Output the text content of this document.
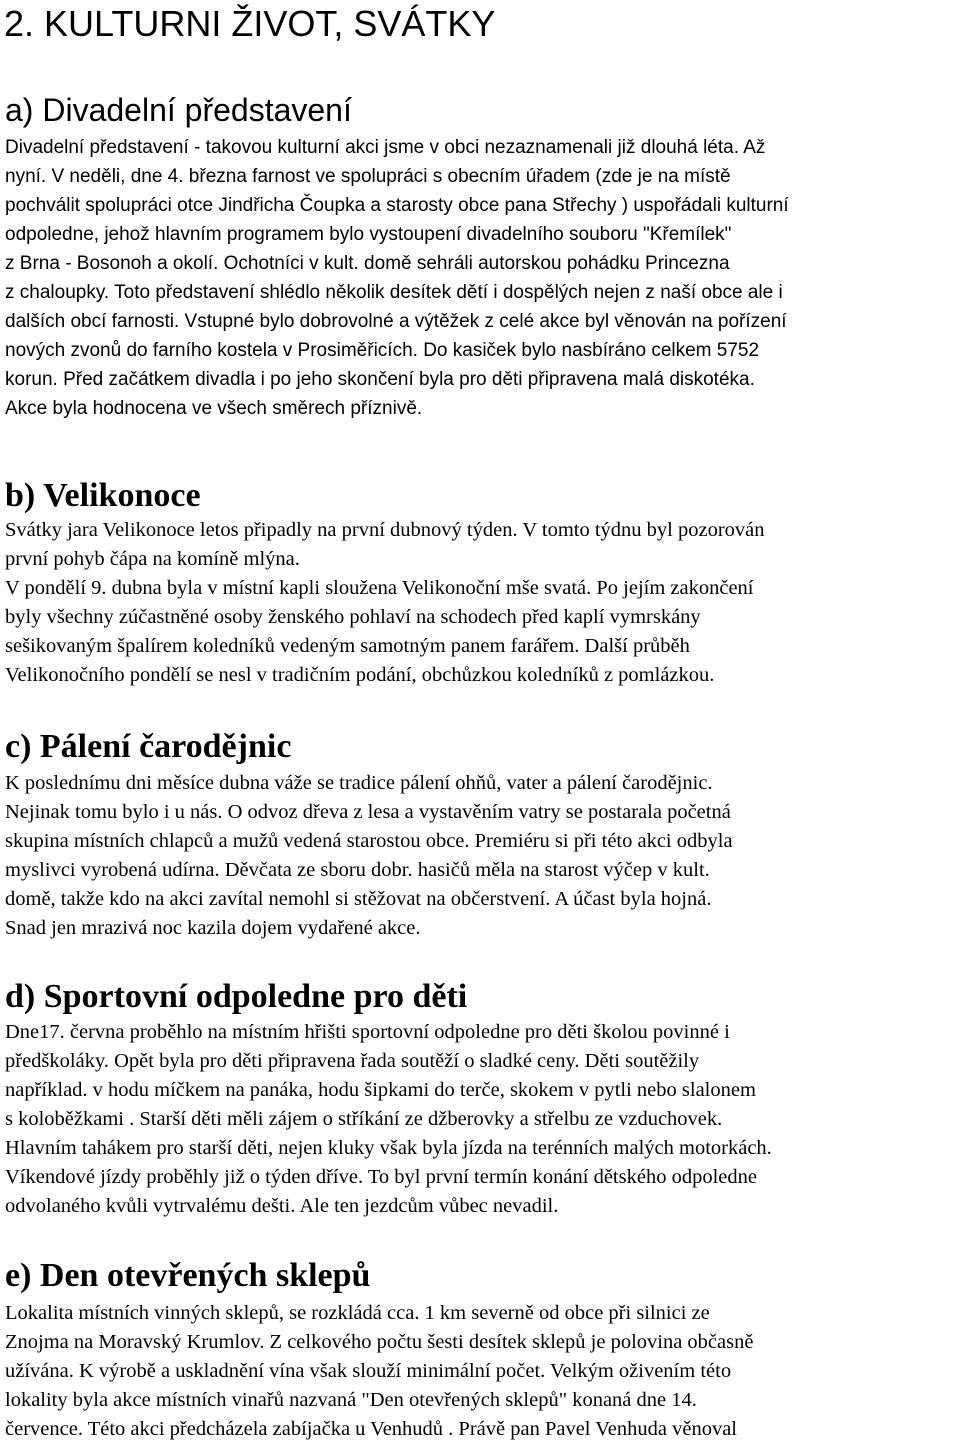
2. KULTURNI ŽIVOT, SVÁTKY
a) Divadelní představení
Divadelní představení - takovou kulturní akci jsme v obci nezaznamenali již dlouhá léta. Až
nyní. V neděli, dne 4. března farnost ve spolupráci s obecním úřadem (zde je na místě
pochválit spolupráci otce Jindřicha Čoupka a starosty obce pana Střechy ) uspořádali kulturní
odpoledne, jehož hlavním programem bylo vystoupení divadelního souboru "Křemílek"
z Brna - Bosonoh a okolí. Ochotníci v kult. domě sehráli autorskou pohádku Princezna
z chaloupky. Toto představení shlédlo několik desítek dětí i dospělých nejen z naší obce ale i
dalších obcí farnosti. Vstupné bylo dobrovolné a výtěžek z celé akce byl věnován na pořízení
nových zvonů do farního kostela v Prosiměřicích. Do kasiček bylo nasbíráno celkem 5752
korun. Před začátkem divadla i po jeho skončení byla pro děti připravena malá diskotéka.
Akce byla hodnocena ve všech směrech příznivě.
b) Velikonoce
Svátky jara Velikonoce letos připadly na první dubnový týden. V tomto týdnu byl pozorován
první pohyb čápa na komíně mlýna.
V pondělí 9. dubna byla v místní kapli sloužena Velikonoční mše svatá. Po jejím zakončení
byly všechny zúčastněné osoby ženského pohlaví na schodech před kaplí vymrskány
sešikovaným špalírem koledníků vedeným samotným panem farářem. Další průběh
Velikonočního pondělí se nesl v tradičním podání, obchůzkou koledníků z pomlázkou.
c) Pálení čarodějnic
K poslednímu dni měsíce dubna váže se tradice pálení ohňů, vater a pálení čarodějnic.
Nejinak tomu bylo i u nás. O odvoz dřeva z lesa a vystavěním vatry se postarala početná
skupina místních chlapců a mužů vedená starostou obce. Premiéru si při této akci odbyla
myslivci vyrobená udírna. Děvčata ze sboru dobr. hasičů měla na starost výčep v kult.
domě, takže kdo na akci zavítal nemohl si stěžovat na občerstvení. A účast byla hojná.
Snad jen mrazivá noc kazila dojem vydařené akce.
d) Sportovní odpoledne pro děti
Dne17. června proběhlo na místním hřišti sportovní odpoledne pro děti školou povinné i
předškoláky. Opět byla pro děti připravena řada soutěží o sladké ceny. Děti soutěžily
například. v hodu míčkem na panáka, hodu šipkami do terče, skokem v pytli nebo slalonem
s koloběžkami . Starší děti měli zájem o stříkání ze džberovky a střelbu ze vzduchovek.
Hlavním tahákem pro starší děti, nejen kluky však byla jízda na terénních malých motorkách.
Víkendové jízdy proběhly již o týden dříve. To byl první termín konání dětského odpoledne
odvolaného kvůli vytrvalému dešti. Ale ten jezdcům vůbec nevadil.
e) Den otevřených sklepů
Lokalita místních vinných sklepů, se rozkládá cca. 1 km severně od obce při silnici ze
Znojma na Moravský Krumlov. Z celkového počtu šesti desítek sklepů je polovina občasně
užívána. K výrobě a uskladnění vína však slouží minimální počet. Velkým oživením této
lokality byla akce místních vinařů nazvaná "Den otevřených sklepů" konaná dne 14.
července. Této akci předcházela zabíjačka u Venhudů . Právě pan Pavel Venhuda věnoval
